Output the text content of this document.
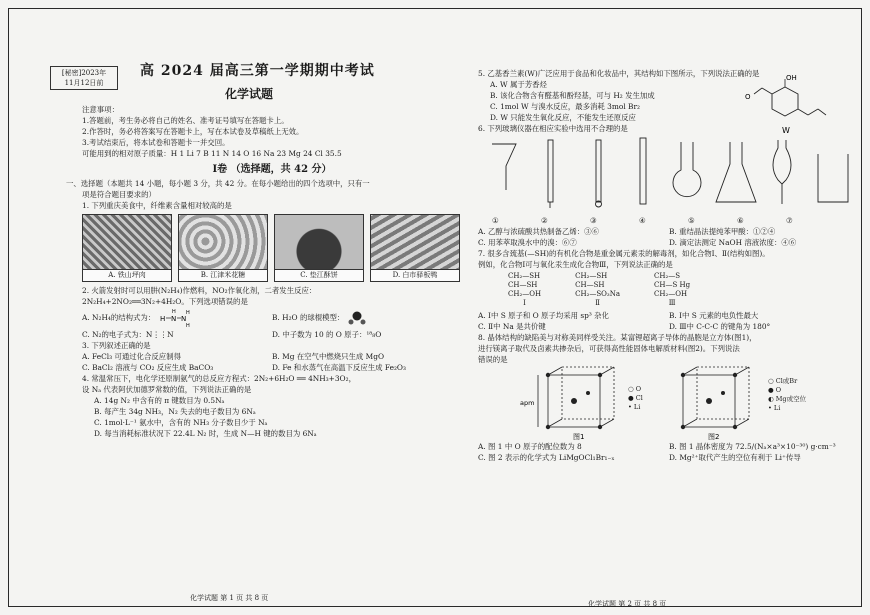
[秘密]2023年
11月12日前
高 2024 届高三第一学期期中考试
化学试题
注意事项：
1.答题前，考生务必将自己的姓名、准考证号填写在答题卡上。
2.作答时，务必将答案写在答题卡上，写在本试卷及草稿纸上无效。
3.考试结束后，将本试卷和答题卡一并交回。
可能用到的相对原子质量：H 1 Li 7 B 11 N 14 O 16 Na 23 Mg 24 Cl 35.5
Ⅰ卷 （选择题，共 42 分）
一、选择题（本题共 14 小题，每小题 3 分，共 42 分。在每小题给出的四个选项中，只有一
项是符合题目要求的）
1. 下列重庆美食中，纤维素含量相对较高的是
A. 铁山坪肉	B. 江津米花糖	C. 垫江酥饼	D. 白市驿板鸭
2. 火箭发射时可以用肼(N₂H₄)作燃料，NO₂作氧化剂，二者发生反应：
2N₂H₄+2NO₂══3N₂+4H₂O。下列选项错误的是
A. N₂H₄的结构式为： H N N
H H
H
B. H₂O 的球棍模型：
C. N₂的电子式为：N⋮⋮N	D. 中子数为 10 的 O 原子：¹⁸₈O
3. 下列叙述正确的是
A. FeCl₃ 可通过化合反应制得	B. Mg 在空气中燃烧只生成 MgO
C. BaCl₂ 溶液与 CO₂ 反应生成 BaCO₃	D. Fe 和水蒸气在高温下反应生成 Fe₂O₃
4. 常温常压下，电化学还原制氨气的总反应方程式：2N₂+6H₂O ══ 4NH₃+3O₂，
设 Nₐ 代表阿伏加德罗常数的值，下列说法正确的是
A. 14g N₂ 中含有的 π 键数目为 0.5Nₐ
B. 每产生 34g NH₃，N₂ 失去的电子数目为 6Nₐ
C. 1mol·L⁻¹ 氨水中，含有的 NH₃ 分子数目少于 Nₐ
D. 每当消耗标准状况下 22.4L N₂ 时，生成 N—H 键的数目为 6Nₐ
化学试题 第 1 页 共 8 页
5. 乙基香兰素(W)广泛应用于食品和化妆品中，其结构如下图所示，下列说法正确的是
A. W 属于芳香烃
B. 该化合物含有醛基和酚羟基，可与 H₂ 发生加成
C. 1mol W 与溴水反应，最多消耗 3mol Br₂
D. W 只能发生氧化反应，不能发生还原反应
OH
O
W
6. 下列玻璃仪器在相应实验中选用不合理的是
①	②	③	④	⑤	⑥	⑦
A. 乙醇与浓硫酸共热制备乙烯：③⑥	B. 重结晶法提纯苯甲酸：①②④
C. 用苯萃取溴水中的溴：⑥⑦	D. 滴定法测定 NaOH 溶液浓度：④⑥
7. 很多含巯基(—SH)的有机化合物是重金属元素汞的解毒剂，如化合物Ⅰ、Ⅱ(结构如图)。
例如，化合物Ⅰ可与氧化汞生成化合物Ⅲ，下列说法正确的是
CH₂—SH
CH—SH
CH₂—OH
Ⅰ
CH₂—SH
CH—SH
CH₂—SO₃Na
Ⅱ
CH₂—S
CH—S Hg
CH₂—OH
Ⅲ
A. Ⅰ中 S 原子和 O 原子均采用 sp³ 杂化	B. Ⅰ中 S 元素的电负性最大
C. Ⅱ中 Na 是共价键	D. Ⅲ中 C-C-C 的键角为 180°
8. 晶体结构的缺陷美与对称美同样受关注。某富锂超离子导体的晶胞是立方体(图1)，
进行镁离子取代及卤素共掺杂后，可获得高性能固体电解质材料(图2)。下列说法
错误的是
apm
图1	图2
○ O
● Cl
• Li
○ Cl或Br
● O
◐ Mg或空位
• Li
A. 图 1 中 O 原子的配位数为 8	B. 图 1 晶体密度为 72.5/(Nₐ×a³×10⁻³⁰) g·cm⁻³
C. 图 2 表示的化学式为 LiMgOCl₁Br₁₋ₓ	D. Mg²⁺取代产生的空位有利于 Li⁺传导
化学试题 第 2 页 共 8 页
